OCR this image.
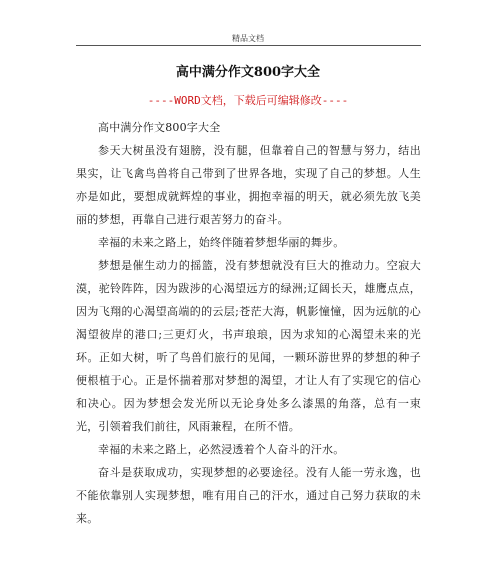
精品文档
高中满分作文800字大全
----WORD文档，下载后可编辑修改----

高中满分作文800字大全

参天大树虽没有翅膀，没有腿，但靠着自己的智慧与努力，结出果实，让飞禽鸟兽将自己带到了世界各地，实现了自己的梦想。人生亦是如此，要想成就辉煌的事业，拥抱幸福的明天，就必须先放飞美丽的梦想，再靠自己进行艰苦努力的奋斗。

幸福的未来之路上，始终伴随着梦想华丽的舞步。

梦想是催生动力的摇篮，没有梦想就没有巨大的推动力。空寂大漠，驼铃阵阵，因为跋涉的心渴望远方的绿洲;辽阔长天，雄鹰点点，因为飞翔的心渴望高端的的云层;苍茫大海，帆影憧憧，因为远航的心渴望彼岸的港口;三更灯火，书声琅琅，因为求知的心渴望未来的光环。正如大树，听了鸟兽们旅行的见闻，一颗环游世界的梦想的种子便根植于心。正是怀揣着那对梦想的渴望，才让人有了实现它的信心和决心。因为梦想会发光所以无论身处多么漆黑的角落，总有一束光，引领着我们前往，风雨兼程，在所不惜。

幸福的未来之路上，必然浸透着个人奋斗的汗水。

奋斗是获取成功，实现梦想的必要途径。没有人能一劳永逸，也不能依靠别人实现梦想，唯有用自己的汗水，通过自己努力获取的未来。
